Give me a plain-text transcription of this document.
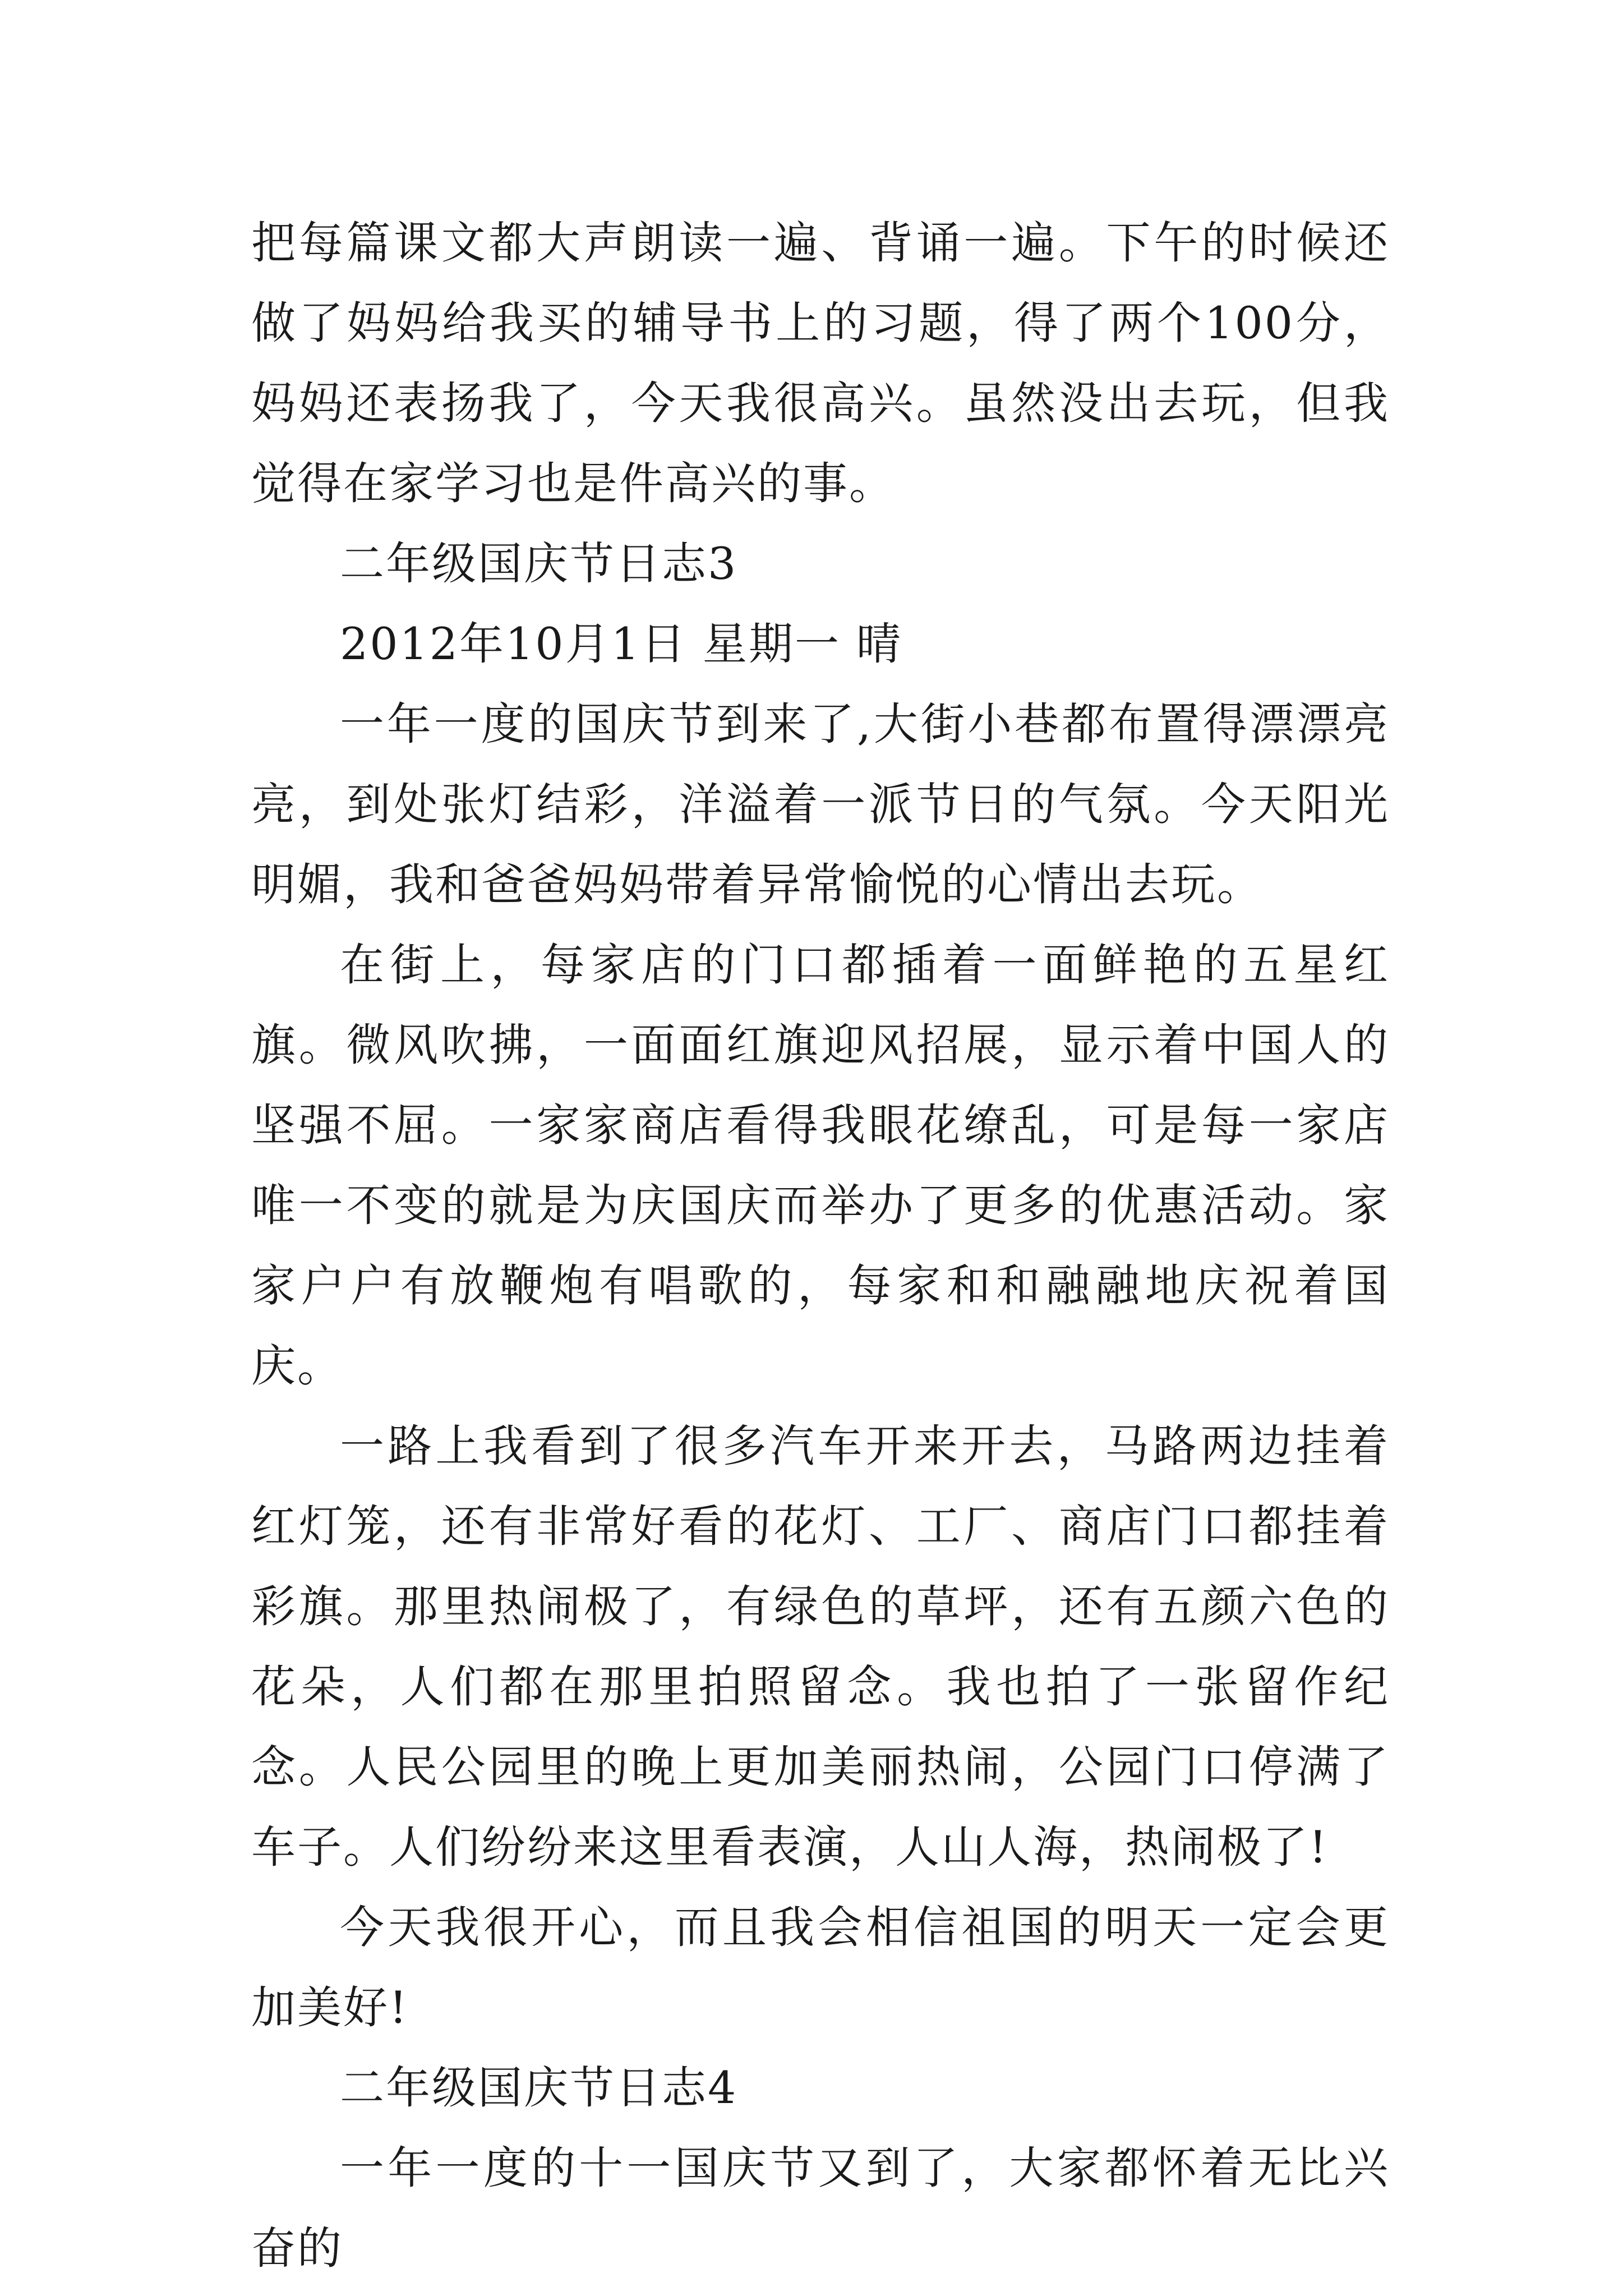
把每篇课文都大声朗读一遍、背诵一遍。下午的时候还做了妈妈给我买的辅导书上的习题，得了两个100分，妈妈还表扬我了，今天我很高兴。虽然没出去玩，但我觉得在家学习也是件高兴的事。

二年级国庆节日志3

2012年10月1日 星期一 晴

一年一度的国庆节到来了,大街小巷都布置得漂漂亮亮，到处张灯结彩，洋溢着一派节日的气氛。今天阳光明媚，我和爸爸妈妈带着异常愉悦的心情出去玩。

在街上，每家店的门口都插着一面鲜艳的五星红旗。微风吹拂，一面面红旗迎风招展，显示着中国人的坚强不屈。一家家商店看得我眼花缭乱，可是每一家店唯一不变的就是为庆国庆而举办了更多的优惠活动。家家户户有放鞭炮有唱歌的，每家和和融融地庆祝着国庆。

一路上我看到了很多汽车开来开去，马路两边挂着红灯笼，还有非常好看的花灯、工厂、商店门口都挂着彩旗。那里热闹极了，有绿色的草坪，还有五颜六色的花朵，人们都在那里拍照留念。我也拍了一张留作纪念。人民公园里的晚上更加美丽热闹，公园门口停满了车子。人们纷纷来这里看表演，人山人海，热闹极了!

今天我很开心，而且我会相信祖国的明天一定会更加美好!

二年级国庆节日志4

一年一度的十一国庆节又到了，大家都怀着无比兴奋的
